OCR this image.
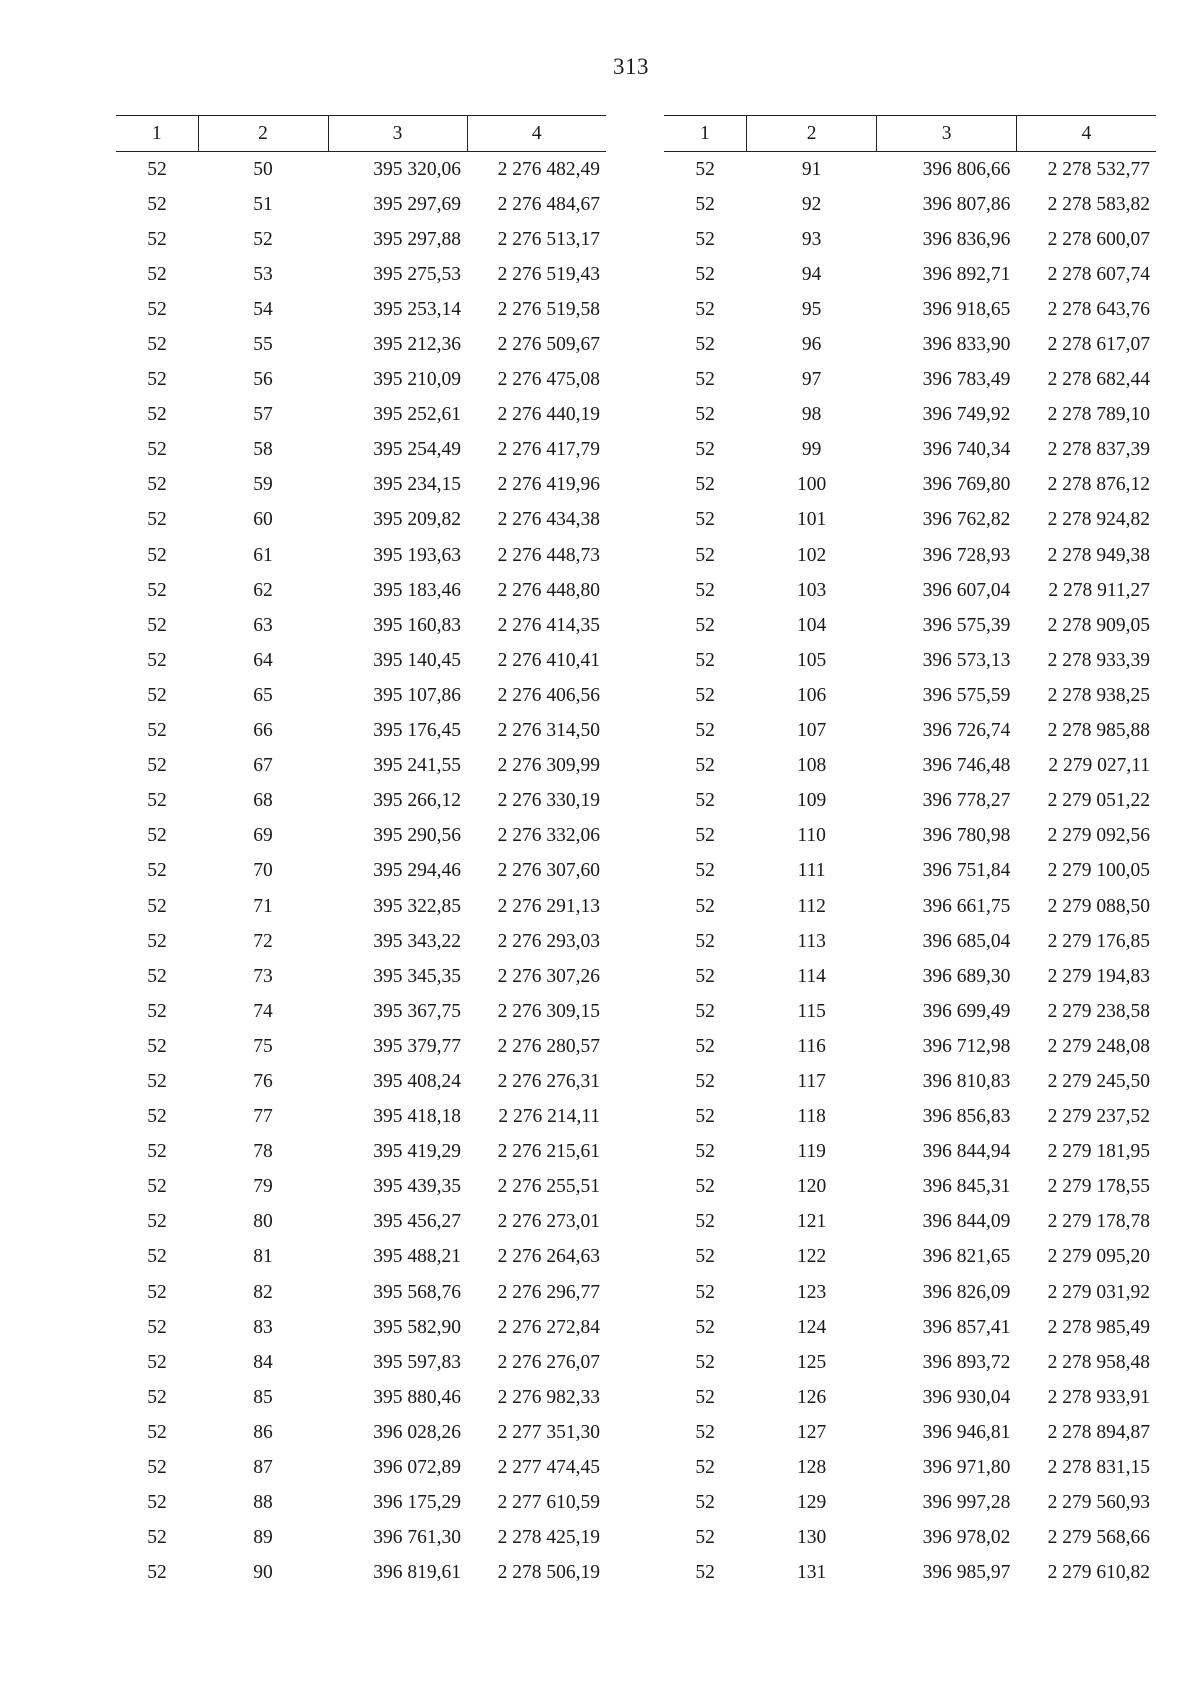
313
1	2	3	4
52	50	395 320,06	2 276 482,49
52	51	395 297,69	2 276 484,67
52	52	395 297,88	2 276 513,17
52	53	395 275,53	2 276 519,43
52	54	395 253,14	2 276 519,58
52	55	395 212,36	2 276 509,67
52	56	395 210,09	2 276 475,08
52	57	395 252,61	2 276 440,19
52	58	395 254,49	2 276 417,79
52	59	395 234,15	2 276 419,96
52	60	395 209,82	2 276 434,38
52	61	395 193,63	2 276 448,73
52	62	395 183,46	2 276 448,80
52	63	395 160,83	2 276 414,35
52	64	395 140,45	2 276 410,41
52	65	395 107,86	2 276 406,56
52	66	395 176,45	2 276 314,50
52	67	395 241,55	2 276 309,99
52	68	395 266,12	2 276 330,19
52	69	395 290,56	2 276 332,06
52	70	395 294,46	2 276 307,60
52	71	395 322,85	2 276 291,13
52	72	395 343,22	2 276 293,03
52	73	395 345,35	2 276 307,26
52	74	395 367,75	2 276 309,15
52	75	395 379,77	2 276 280,57
52	76	395 408,24	2 276 276,31
52	77	395 418,18	2 276 214,11
52	78	395 419,29	2 276 215,61
52	79	395 439,35	2 276 255,51
52	80	395 456,27	2 276 273,01
52	81	395 488,21	2 276 264,63
52	82	395 568,76	2 276 296,77
52	83	395 582,90	2 276 272,84
52	84	395 597,83	2 276 276,07
52	85	395 880,46	2 276 982,33
52	86	396 028,26	2 277 351,30
52	87	396 072,89	2 277 474,45
52	88	396 175,29	2 277 610,59
52	89	396 761,30	2 278 425,19
52	90	396 819,61	2 278 506,19
1	2	3	4
52	91	396 806,66	2 278 532,77
52	92	396 807,86	2 278 583,82
52	93	396 836,96	2 278 600,07
52	94	396 892,71	2 278 607,74
52	95	396 918,65	2 278 643,76
52	96	396 833,90	2 278 617,07
52	97	396 783,49	2 278 682,44
52	98	396 749,92	2 278 789,10
52	99	396 740,34	2 278 837,39
52	100	396 769,80	2 278 876,12
52	101	396 762,82	2 278 924,82
52	102	396 728,93	2 278 949,38
52	103	396 607,04	2 278 911,27
52	104	396 575,39	2 278 909,05
52	105	396 573,13	2 278 933,39
52	106	396 575,59	2 278 938,25
52	107	396 726,74	2 278 985,88
52	108	396 746,48	2 279 027,11
52	109	396 778,27	2 279 051,22
52	110	396 780,98	2 279 092,56
52	111	396 751,84	2 279 100,05
52	112	396 661,75	2 279 088,50
52	113	396 685,04	2 279 176,85
52	114	396 689,30	2 279 194,83
52	115	396 699,49	2 279 238,58
52	116	396 712,98	2 279 248,08
52	117	396 810,83	2 279 245,50
52	118	396 856,83	2 279 237,52
52	119	396 844,94	2 279 181,95
52	120	396 845,31	2 279 178,55
52	121	396 844,09	2 279 178,78
52	122	396 821,65	2 279 095,20
52	123	396 826,09	2 279 031,92
52	124	396 857,41	2 278 985,49
52	125	396 893,72	2 278 958,48
52	126	396 930,04	2 278 933,91
52	127	396 946,81	2 278 894,87
52	128	396 971,80	2 278 831,15
52	129	396 997,28	2 279 560,93
52	130	396 978,02	2 279 568,66
52	131	396 985,97	2 279 610,82
